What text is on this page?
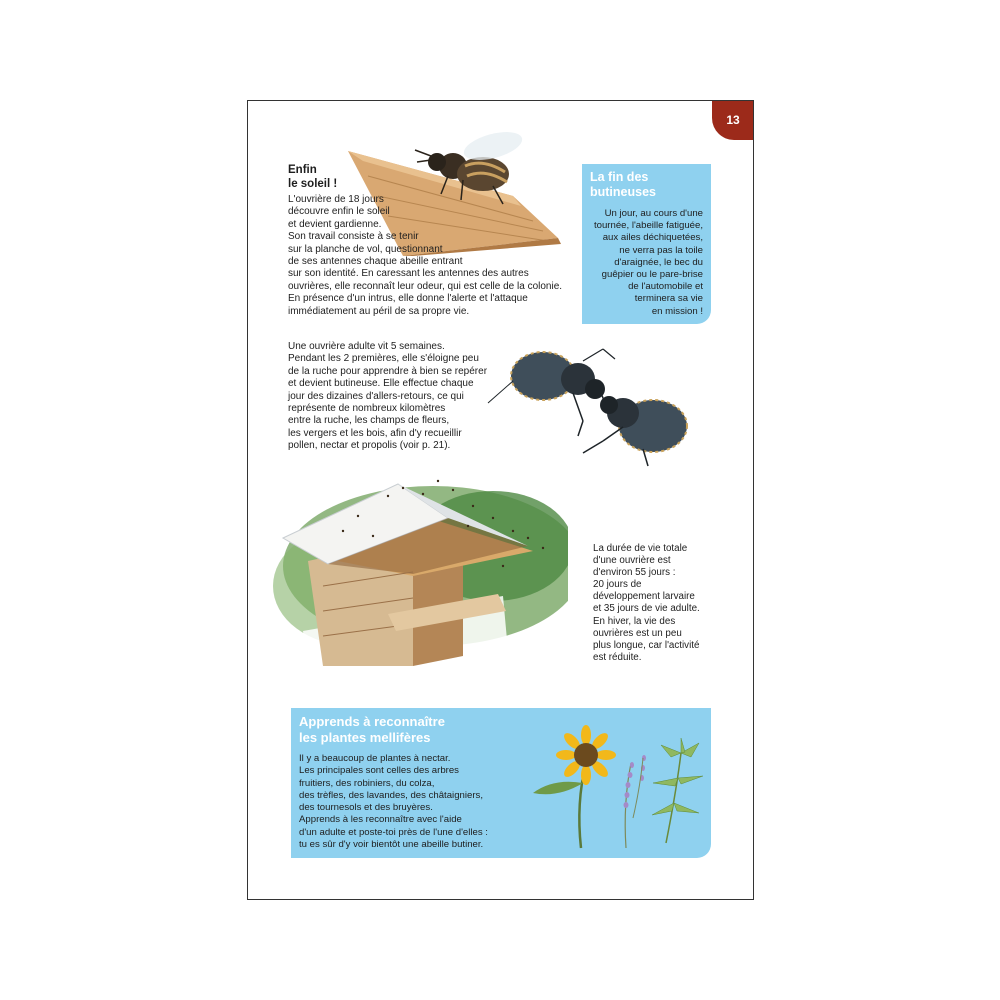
13
Enfin
le soleil !
L'ouvrière de 18 jours
découvre enfin le soleil
et devient gardienne.
Son travail consiste à se tenir
sur la planche de vol, questionnant
de ses antennes chaque abeille entrant
sur son identité. En caressant les antennes des autres
ouvrières, elle reconnaît leur odeur, qui est celle de la colonie.
En présence d'un intrus, elle donne l'alerte et l'attaque
immédiatement au péril de sa propre vie.
La fin des
butineuses
Un jour, au cours d'une
tournée, l'abeille fatiguée,
aux ailes déchiquetées,
ne verra pas la toile
d'araignée, le bec du
guêpier ou le pare-brise
de l'automobile et
terminera sa vie
en mission !
Une ouvrière adulte vit 5 semaines.
Pendant les 2 premières, elle s'éloigne peu
de la ruche pour apprendre à bien se repérer
et devient butineuse. Elle effectue chaque
jour des dizaines d'allers-retours, ce qui
représente de nombreux kilomètres
entre la ruche, les champs de fleurs,
les vergers et les bois, afin d'y recueillir
pollen, nectar et propolis (voir p. 21).
La durée de vie totale
d'une ouvrière est
d'environ 55 jours :
20 jours de
développement larvaire
et 35 jours de vie adulte.
En hiver, la vie des
ouvrières est un peu
plus longue, car l'activité
est réduite.
Apprends à reconnaître
les plantes mellifères
Il y a beaucoup de plantes à nectar.
Les principales sont celles des arbres
fruitiers, des robiniers, du colza,
des trèfles, des lavandes, des châtaigniers,
des tournesols et des bruyères.
Apprends à les reconnaître avec l'aide
d'un adulte et poste-toi près de l'une d'elles :
tu es sûr d'y voir bientôt une abeille butiner.
